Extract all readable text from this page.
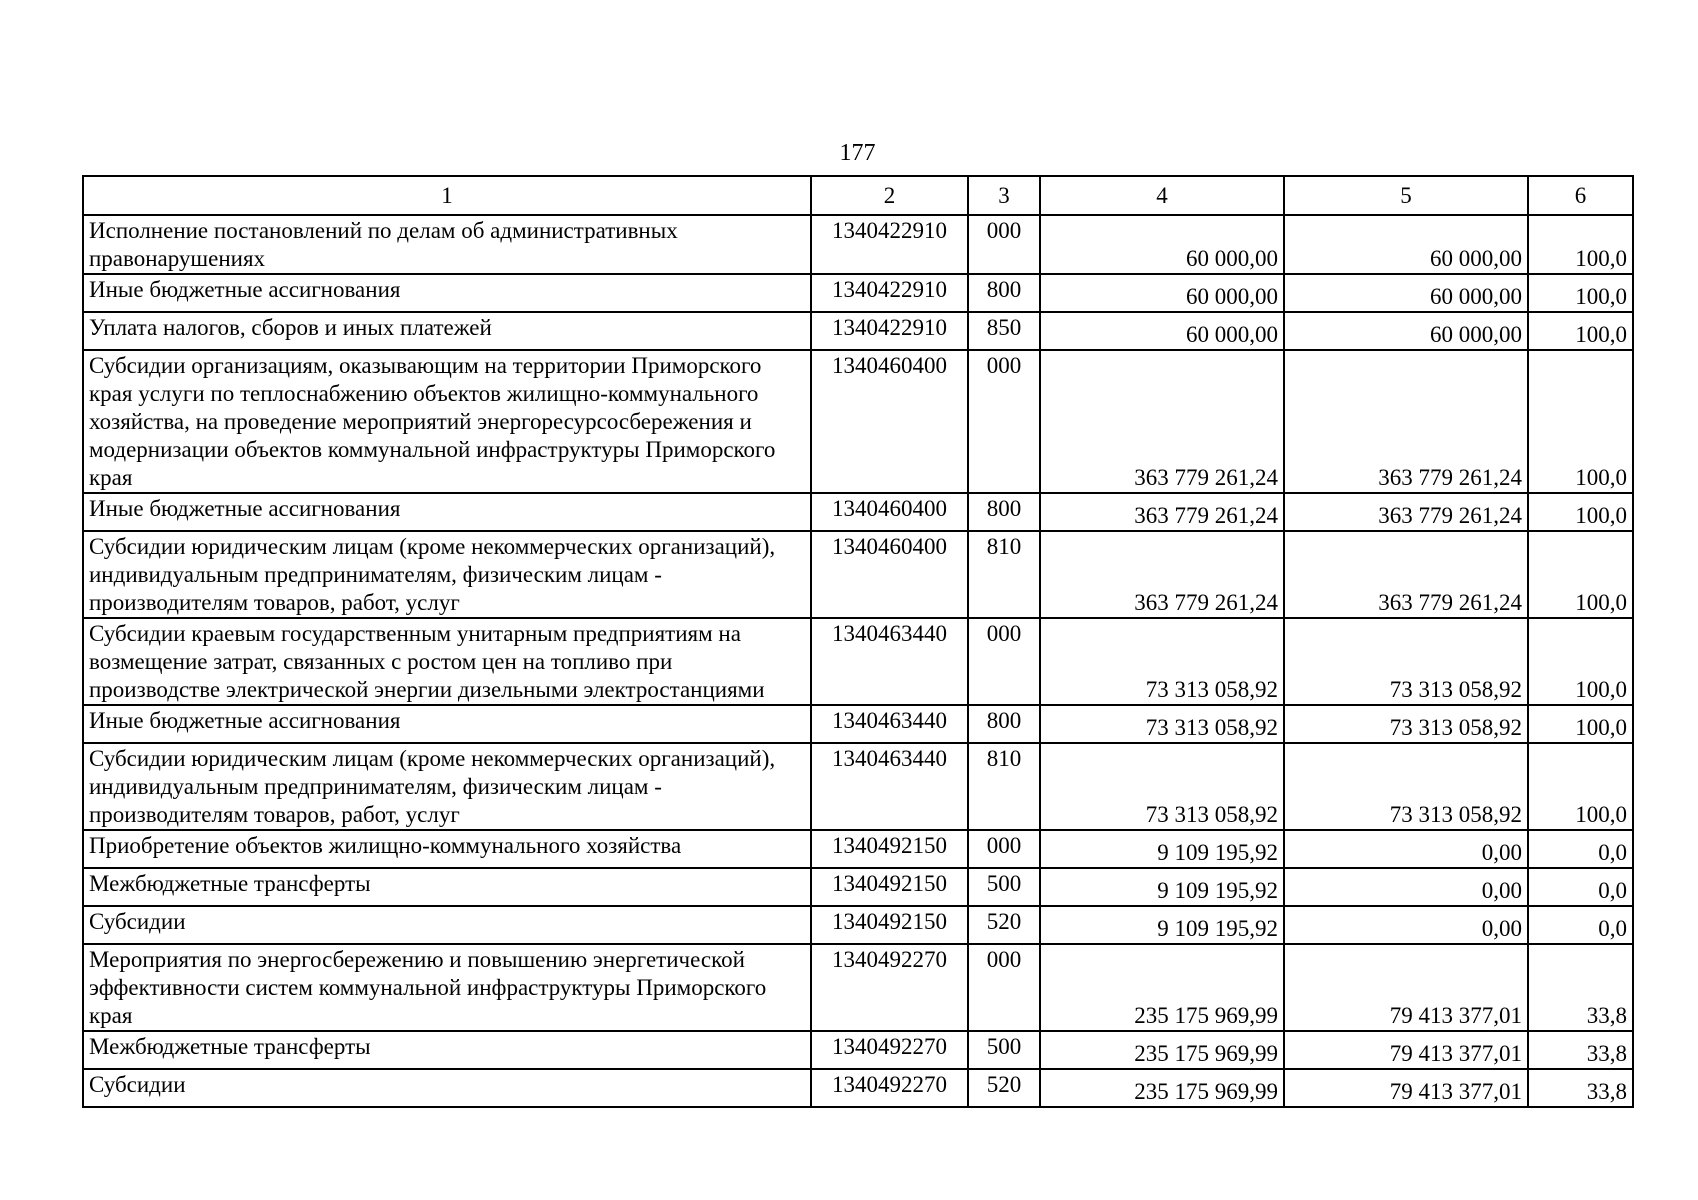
177
1	2	3	4	5	6
Исполнение постановлений по делам об административных правонарушениях	1340422910	000	60 000,00	60 000,00	100,0
Иные бюджетные ассигнования	1340422910	800	60 000,00	60 000,00	100,0
Уплата налогов, сборов и иных платежей	1340422910	850	60 000,00	60 000,00	100,0
Субсидии организациям, оказывающим на территории Приморского края услуги по теплоснабжению объектов жилищно-коммунального хозяйства, на проведение мероприятий энергоресурсосбережения и модернизации объектов коммунальной инфраструктуры Приморского края	1340460400	000	363 779 261,24	363 779 261,24	100,0
Иные бюджетные ассигнования	1340460400	800	363 779 261,24	363 779 261,24	100,0
Субсидии юридическим лицам (кроме некоммерческих организаций), индивидуальным предпринимателям, физическим лицам - производителям товаров, работ, услуг	1340460400	810	363 779 261,24	363 779 261,24	100,0
Субсидии краевым государственным унитарным предприятиям на возмещение затрат, связанных с ростом цен на топливо при производстве электрической энергии дизельными электростанциями	1340463440	000	73 313 058,92	73 313 058,92	100,0
Иные бюджетные ассигнования	1340463440	800	73 313 058,92	73 313 058,92	100,0
Субсидии юридическим лицам (кроме некоммерческих организаций), индивидуальным предпринимателям, физическим лицам - производителям товаров, работ, услуг	1340463440	810	73 313 058,92	73 313 058,92	100,0
Приобретение объектов жилищно-коммунального хозяйства	1340492150	000	9 109 195,92	0,00	0,0
Межбюджетные трансферты	1340492150	500	9 109 195,92	0,00	0,0
Субсидии	1340492150	520	9 109 195,92	0,00	0,0
Мероприятия по энергосбережению и повышению энергетической эффективности систем коммунальной инфраструктуры Приморского края	1340492270	000	235 175 969,99	79 413 377,01	33,8
Межбюджетные трансферты	1340492270	500	235 175 969,99	79 413 377,01	33,8
Субсидии	1340492270	520	235 175 969,99	79 413 377,01	33,8
